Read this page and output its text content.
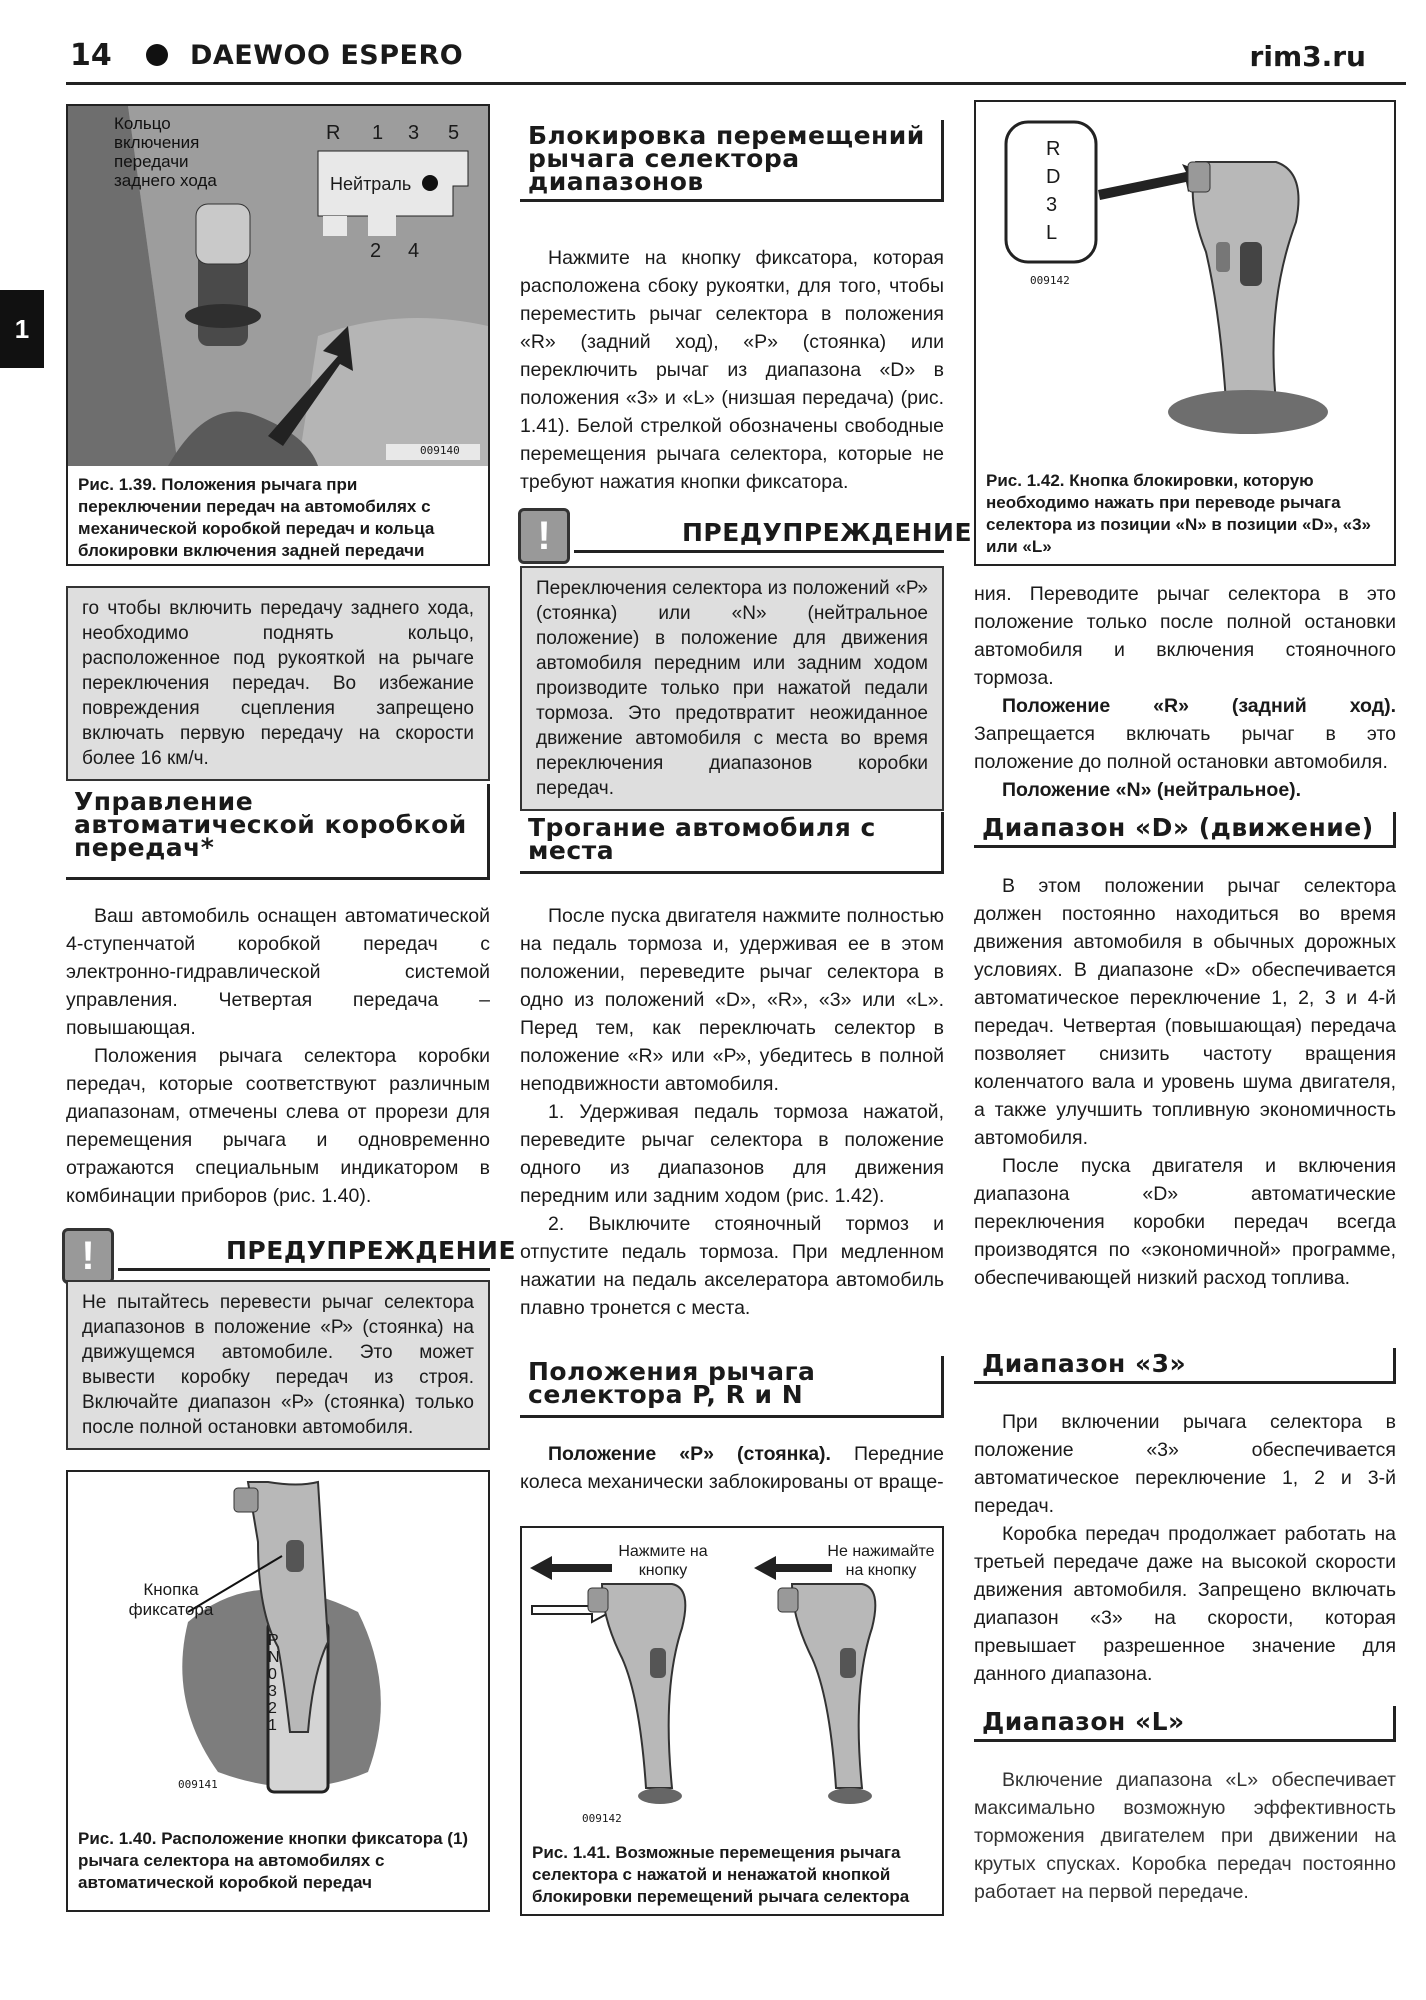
14	DAEWOO ESPERO	rim3.ru
1
Кольцо включения передачи заднего хода
R 1 3 5
Нейтраль
2 4
009140
Рис. 1.39. Положения рычага при переключении передач на автомобилях с механической коробкой передач и кольца блокировки включения задней передачи
го чтобы включить передачу заднего хода, необходимо поднять кольцо, расположенное под рукояткой на рычаге переключения передач. Во избежание повреждения сцепления запрещено включать первую передачу на скорости более 16 км/ч.
Управление автоматической коробкой передач*

Ваш автомобиль оснащен автоматической 4-ступенчатой коробкой передач с электронно-гидравлической системой управления. Четвертая передача – повышающая.

Положения рычага селектора коробки передач, которые соответствуют различным диапазонам, отмечены слева от прорези для перемещения рычага и одновременно отражаются специальным индикатором в комбинации приборов (рис. 1.40).

!	ПРЕДУПРЕЖДЕНИЕ
Не пытайтесь перевести рычаг селектора диапазонов в положение «Р» (стоянка) на движущемся автомобиле. Это может вывести коробку передач из строя. Включайте диапазон «Р» (стоянка) только после полной остановки автомобиля.
Кнопка фиксатора
PN0321
009141
Рис. 1.40. Расположение кнопки фиксатора (1) рычага селектора на автомобилях с автоматической коробкой передач
Блокировка перемещений рычага селектора диапазонов

Нажмите на кнопку фиксатора, которая расположена сбоку рукоятки, для того, чтобы переместить рычаг селектора в положения «R» (задний ход), «P» (стоянка) или переключить рычаг из диапазона «D» в положения «3» и «L» (низшая передача) (рис. 1.41). Белой стрелкой обозначены свободные перемещения рычага селектора, которые не требуют нажатия кнопки фиксатора.

!	ПРЕДУПРЕЖДЕНИЕ
Переключения селектора из положений «Р» (стоянка) или «N» (нейтральное положение) в положение для движения автомобиля передним или задним ходом производите только при нажатой педали тормоза. Это предотвратит неожиданное движение автомобиля с места во время переключения диапазонов коробки передач.
Трогание автомобиля с места

После пуска двигателя нажмите полностью на педаль тормоза и, удерживая ее в этом положении, переведите рычаг селектора в одно из положений «D», «R», «3» или «L». Перед тем, как переключать селектор в положение «R» или «Р», убедитесь в полной неподвижности автомобиля.

1. Удерживая педаль тормоза нажатой, переведите рычаг селектора в положение одного из диапазонов для движения передним или задним ходом (рис. 1.42).

2. Выключите стояночный тормоз и отпустите педаль тормоза. При медленном нажатии на педаль акселератора автомобиль плавно тронется с места.

Положения рычага селектора P, R и N

Положение «Р» (стоянка). Передние колеса механически заблокированы от враще-

Нажмите на кнопку
Не нажимайте на кнопку
009142
Рис. 1.41. Возможные перемещения рычага селектора с нажатой и ненажатой кнопкой блокировки перемещений рычага селектора
R
D
3
L
009142
Рис. 1.42. Кнопка блокировки, которую необходимо нажать при переводе рычага селектора из позиции «N» в позиции «D», «3» или «L»

ния. Переводите рычаг селектора в это положение только после полной остановки автомобиля и включения стояночного тормоза.

Положение «R» (задний ход). Запрещается включать рычаг в это положение до полной остановки автомобиля.

Положение «N» (нейтральное).

Диапазон «D» (движение)

В этом положении рычаг селектора должен постоянно находиться во время движения автомобиля в обычных дорожных условиях. В диапазоне «D» обеспечивается автоматическое переключение 1, 2, 3 и 4-й передач. Четвертая (повышающая) передача позволяет снизить частоту вращения коленчатого вала и уровень шума двигателя, а также улучшить топливную экономичность автомобиля.

После пуска двигателя и включения диапазона «D» автоматические переключения коробки передач всегда производятся по «экономичной» программе, обеспечивающей низкий расход топлива.

Диапазон «3»

При включении рычага селектора в положение «3» обеспечивается автоматическое переключение 1, 2 и 3-й передач.

Коробка передач продолжает работать на третьей передаче даже на высокой скорости движения автомобиля. Запрещено включать диапазон «3» на скорости, которая превышает разрешенное значение для данного диапазона.

Диапазон «L»

Включение диапазона «L» обеспечивает максимально возможную эффективность торможения двигателем при движении на крутых спусках. Коробка передач постоянно работает на первой передаче.
